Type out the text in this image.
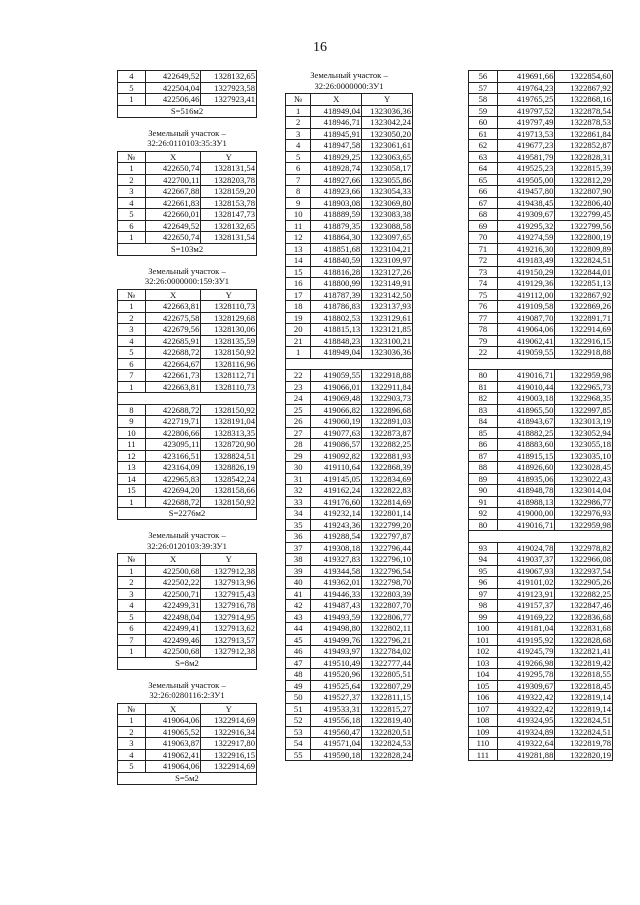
16
4	422649,52	1328132,65
5	422504,04	1327923,58
1	422506,46	1327923,41
S=516м2
Земельный участок –
32:26:0110103:35:ЗУ1
№	X	Y
1	422650,74	1328131,54
2	422700,11	1328203,78
3	422667,88	1328159,20
4	422661,83	1328153,78
5	422660,01	1328147,73
6	422649,52	1328132,65
1	422650,74	1328131,54
S=103м2
Земельный участок –
32:26:0000000:159:ЗУ1
№	X	Y
1	422663,81	1328110,73
2	422675,58	1328129,68
3	422679,56	1328130,06
4	422685,91	1328135,59
5	422688,72	1328150,92
6	422664,67	1328116,96
7	422661,73	1328112,71
1	422663,81	1328110,73

8	422688,72	1328150,92
9	422719,71	1328191,04
10	422806,66	1328313,35
11	423095,11	1328720,90
12	423166,51	1328824,51
13	423164,09	1328826,19
14	422965,83	1328542,24
15	422694,20	1328158,66
1	422688,72	1328150,92
S=2276м2
Земельный участок –
32:26:0120103:39:ЗУ1
№	X	Y
1	422500,68	1327912,38
2	422502,22	1327913,96
3	422500,71	1327915,43
4	422499,31	1327916,78
5	422498,04	1327914,95
6	422499,41	1327913,62
7	422499,46	1327913,57
1	422500,68	1327912,38
S=8м2
Земельный участок –
32:26:0280116:2:ЗУ1
№	X	Y
1	419064,06	1322914,69
2	419065,52	1322916,34
3	419063,87	1322917,80
4	419062,41	1322916,15
5	419064,06	1322914,69
S=5м2
Земельный участок –
32:26:0000000:3У1
№	X	Y
1	418949,04	1323036,36
2	418946,71	1323042,24
3	418945,91	1323050,20
4	418947,58	1323061,61
5	418929,25	1323063,65
6	418928,74	1323058,17
7	418927,66	1323055,86
8	418923,66	1323054,33
9	418903,08	1323069,80
10	418889,59	1323083,38
11	418879,35	1323088,58
12	418864,30	1323097,65
13	418851,68	1323104,21
14	418840,59	1323109,97
15	418816,28	1323127,26
16	418800,99	1323149,91
17	418787,39	1323142,50
18	418786,83	1323137,93
19	418802,53	1323129,61
20	418815,13	1323121,85
21	418848,23	1323100,21
1	418949,04	1323036,36

22	419059,55	1322918,88
23	419066,01	1322911,84
24	419069,48	1322903,73
25	419066,82	1322896,68
26	419060,19	1322891,03
27	419077,63	1322873,87
28	419086,57	1322882,25
29	419092,82	1322881,93
30	419110,64	1322868,39
31	419145,05	1322834,69
32	419162,24	1322822,83
33	419176,60	1322814,69
34	419232,14	1322801,14
35	419243,36	1322799,20
36	419288,54	1322797,87
37	419308,18	1322796,44
38	419327,83	1322796,10
39	419344,58	1322796,54
40	419362,01	1322798,70
41	419446,33	1322803,39
42	419487,43	1322807,70
43	419493,59	1322806,77
44	419498,80	1322802,11
45	419499,76	1322796,21
46	419493,97	1322784,02
47	419510,49	1322777,44
48	419520,96	1322805,51
49	419525,64	1322807,29
50	419527,37	1322811,15
51	419533,31	1322815,27
52	419556,18	1322819,40
53	419560,47	1322820,51
54	419571,04	1322824,53
55	419590,18	1322828,24
56	419691,66	1322854,60
57	419764,23	1322867,92
58	419765,25	1322868,16
59	419797,52	1322878,54
60	419797,49	1322878,53
61	419713,53	1322861,84
62	419677,23	1322852,87
63	419581,79	1322828,31
64	419525,23	1322815,39
65	419505,00	1322812,29
66	419457,80	1322807,90
67	419438,45	1322806,40
68	419309,67	1322799,45
69	419295,32	1322799,56
70	419274,59	1322800,19
71	419216,30	1322809,89
72	419183,49	1322824,51
73	419150,29	1322844,01
74	419129,36	1322851,13
75	419112,00	1322867,92
76	419109,58	1322869,26
77	419087,70	1322891,71
78	419064,06	1322914,69
79	419062,41	1322916,15
22	419059,55	1322918,88

80	419016,71	1322959,98
81	419010,44	1322965,73
82	419003,18	1322968,35
83	418965,50	1322997,85
84	418943,67	1323013,19
85	418882,25	1323052,94
86	418883,60	1323055,18
87	418915,15	1323035,10
88	418926,60	1323028,45
89	418935,06	1323022,43
90	418948,78	1323014,04
91	418988,13	1322986,77
92	419000,00	1322976,93
80	419016,71	1322959,98

93	419024,78	1322978,82
94	419037,37	1322966,08
95	419067,93	1322937,54
96	419101,02	1322905,26
97	419123,91	1322882,25
98	419157,37	1322847,46
99	419169,22	1322836,68
100	419181,04	1322831,68
101	419195,92	1322828,68
102	419245,79	1322821,41
103	419266,98	1322819,42
104	419295,78	1322818,55
105	419309,67	1322818,45
106	419322,42	1322819,14
107	419322,42	1322819,14
108	419324,95	1322824,51
109	419324,89	1322824,51
110	419322,64	1322819,78
111	419281,88	1322820,19
